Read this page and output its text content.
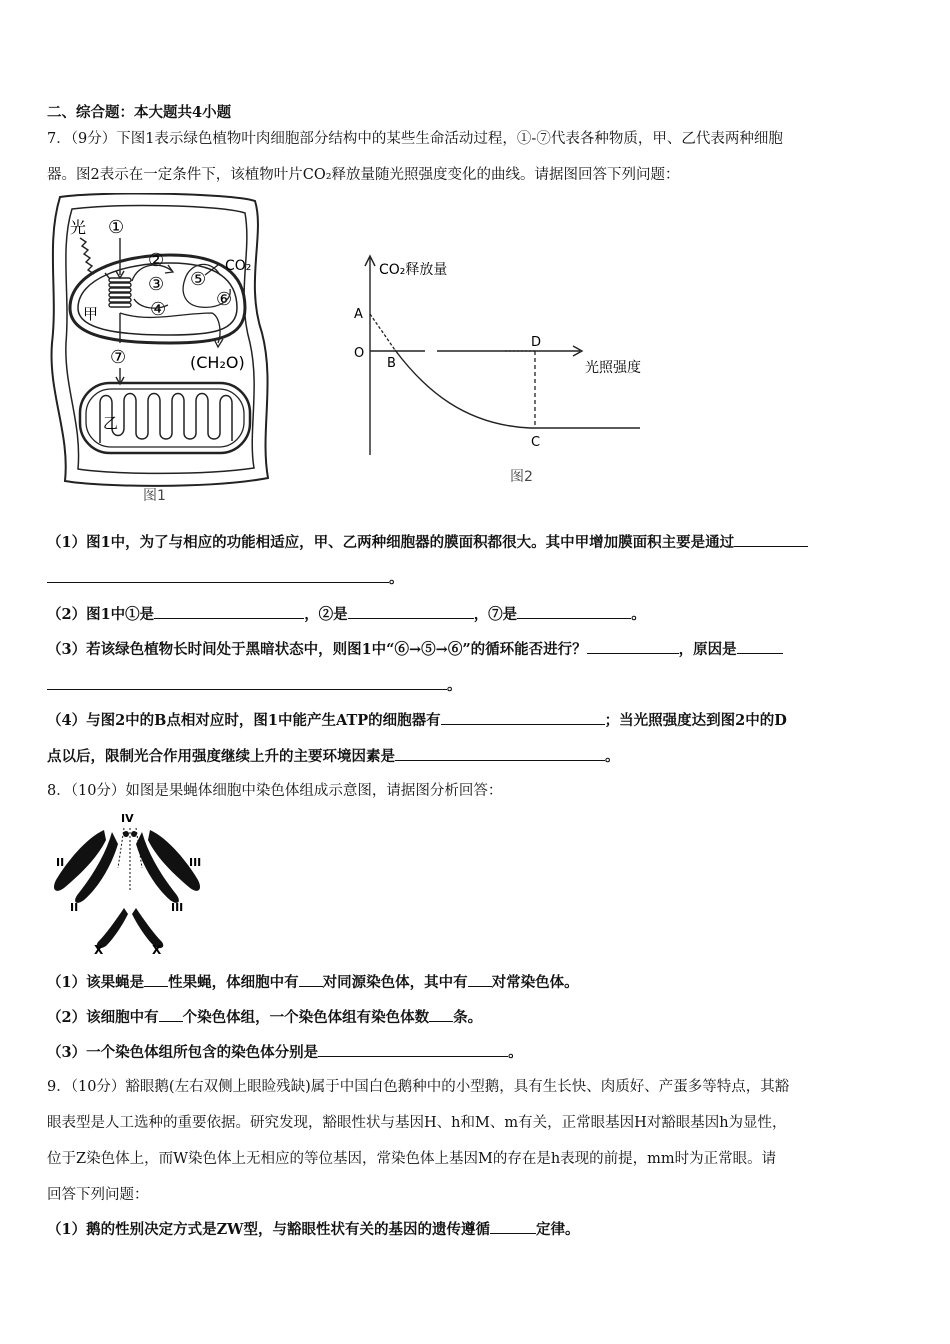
二、综合题：本大题共4小题
7．（9分）下图1表示绿色植物叶肉细胞部分结构中的某些生命活动过程，①-⑦代表各种物质，甲、乙代表两种细胞
器。图2表示在一定条件下，该植物叶片CO₂释放量随光照强度变化的曲线。请据图回答下列问题：
光 ①
②
③
④
⑤
⑥
CO₂
甲
⑦	(CH₂O)
乙
图1
CO₂释放量
光照强度
A
O
B
D
C
图2
（1）图1中，为了与相应的功能相适应，甲、乙两种细胞器的膜面积都很大。其中甲增加膜面积主要是通过
。
（2）图1中①是	，②是	，⑦是	。
（3）若该绿色植物长时间处于黑暗状态中，则图1中“⑥→⑤→⑥”的循环能否进行？	，原因是
。
（4）与图2中的B点相对应时，图1中能产生ATP的细胞器有	；当光照强度达到图2中的D
点以后，限制光合作用强度继续上升的主要环境因素是	。
8．（10分）如图是果蝇体细胞中染色体组成示意图，请据图分析回答：
IV
II
II
III
III
X	X
（1）该果蝇是 性果蝇，体细胞中有 对同源染色体，其中有 对常染色体。
（2）该细胞中有 个染色体组，一个染色体组有染色体数 条。
（3）一个染色体组所包含的染色体分别是	。
9．（10分）豁眼鹅(左右双侧上眼睑残缺)属于中国白色鹅种中的小型鹅，具有生长快、肉质好、产蛋多等特点，其豁
眼表型是人工选种的重要依据。研究发现，豁眼性状与基因H、h和M、m有关，正常眼基因H对豁眼基因h为显性，
位于Z染色体上，而W染色体上无相应的等位基因，常染色体上基因M的存在是h表现的前提，mm时为正常眼。请
回答下列问题：
（1）鹅的性别决定方式是ZW型，与豁眼性状有关的基因的遗传遵循	定律。
